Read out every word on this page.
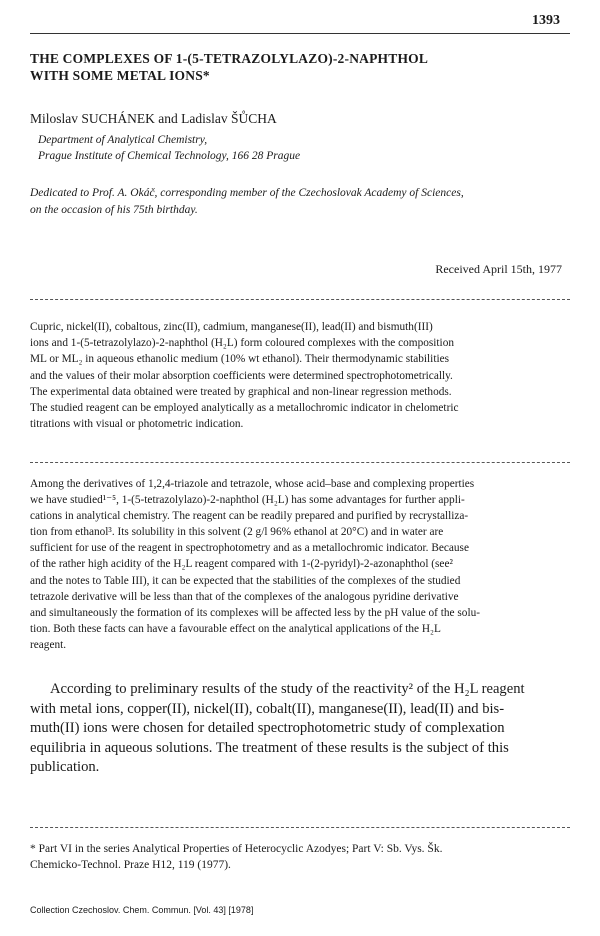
1393
THE COMPLEXES OF 1-(5-TETRAZOLYLAZO)-2-NAPHTHOL
WITH SOME METAL IONS*
Miloslav SUCHÁNEK and Ladislav ŠŮCHA
Department of Analytical Chemistry,
Prague Institute of Chemical Technology, 166 28 Prague
Dedicated to Prof. A. Okáč, corresponding member of the Czechoslovak Academy of Sciences,
on the occasion of his 75th birthday.
Received April 15th, 1977
Cupric, nickel(II), cobaltous, zinc(II), cadmium, manganese(II), lead(II) and bismuth(III)
ions and 1-(5-tetrazolylazo)-2-naphthol (H₂L) form coloured complexes with the composition
ML or ML₂ in aqueous ethanolic medium (10% wt ethanol). Their thermodynamic stabilities
and the values of their molar absorption coefficients were determined spectrophotometrically.
The experimental data obtained were treated by graphical and non-linear regression methods.
The studied reagent can be employed analytically as a metallochromic indicator in chelometric
titrations with visual or photometric indication.
Among the derivatives of 1,2,4-triazole and tetrazole, whose acid–base and complexing properties
we have studied¹⁻⁵, 1-(5-tetrazolylazo)-2-naphthol (H₂L) has some advantages for further appli-
cations in analytical chemistry. The reagent can be readily prepared and purified by recrystalliza-
tion from ethanol³. Its solubility in this solvent (2 g/l 96% ethanol at 20°C) and in water are
sufficient for use of the reagent in spectrophotometry and as a metallochromic indicator. Because
of the rather high acidity of the H₂L reagent compared with 1-(2-pyridyl)-2-azonaphthol (see²
and the notes to Table III), it can be expected that the stabilities of the complexes of the studied
tetrazole derivative will be less than that of the complexes of the analogous pyridine derivative
and simultaneously the formation of its complexes will be affected less by the pH value of the solu-
tion. Both these facts can have a favourable effect on the analytical applications of the H₂L
reagent.
According to preliminary results of the study of the reactivity² of the H₂L reagent
with metal ions, copper(II), nickel(II), cobalt(II), manganese(II), lead(II) and bis-
muth(II) ions were chosen for detailed spectrophotometric study of complexation
equilibria in aqueous solutions. The treatment of these results is the subject of this
publication.
* Part VI in the series Analytical Properties of Heterocyclic Azodyes; Part V: Sb. Vys. Šk.
Chemicko-Technol. Praze H12, 119 (1977).
Collection Czechoslov. Chem. Commun. [Vol. 43] [1978]
